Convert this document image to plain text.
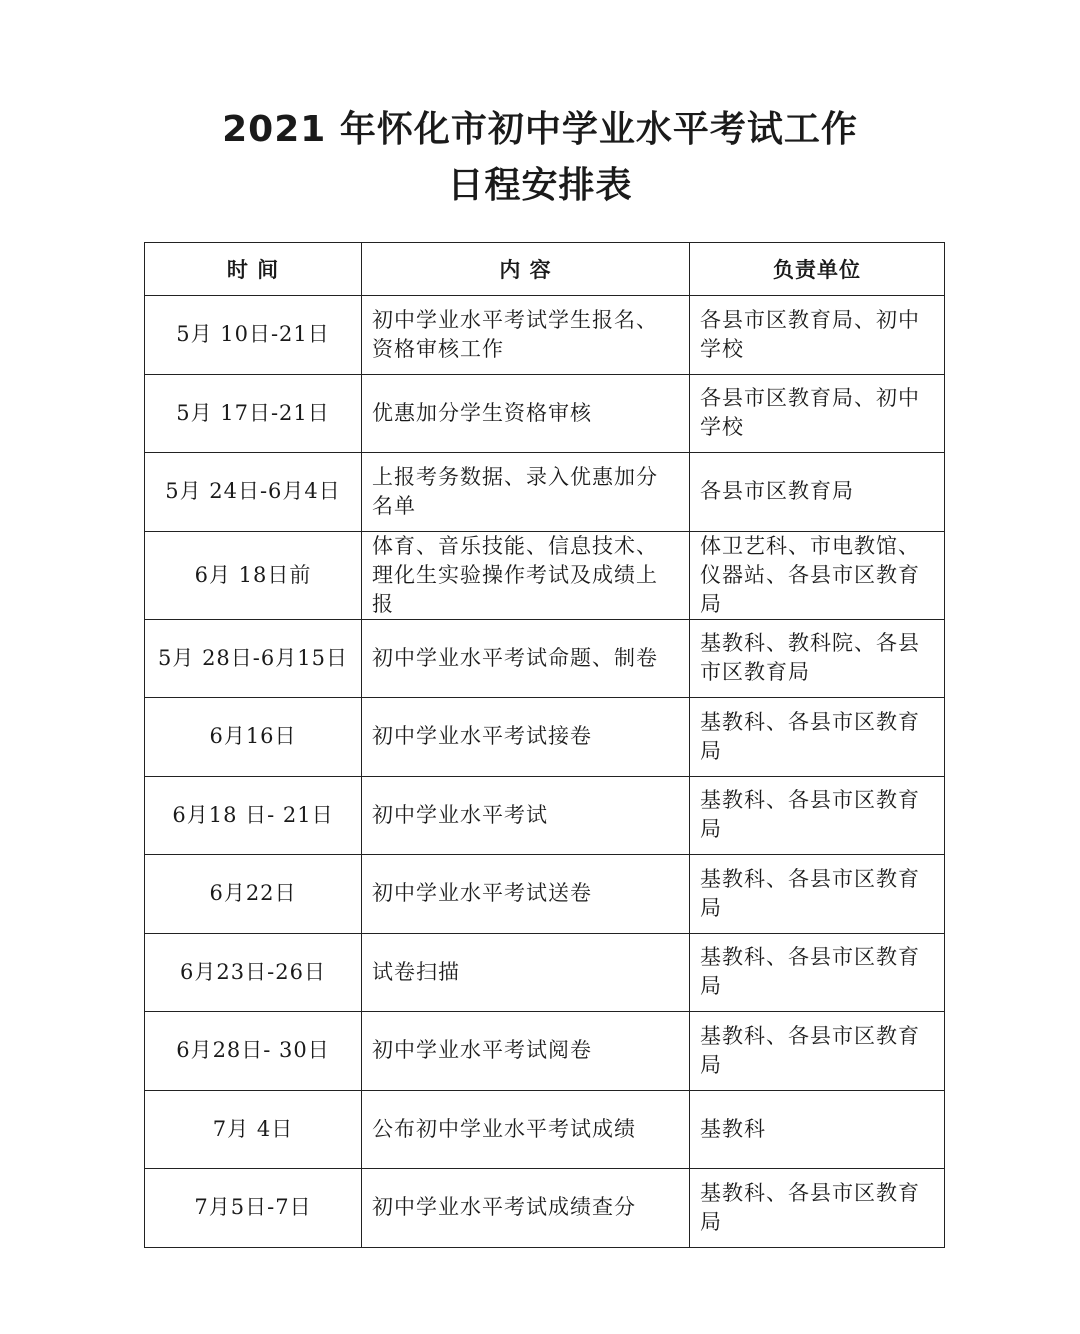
2021 年怀化市初中学业水平考试工作
日程安排表
时 间	内 容	负责单位
5月 10日-21日	初中学业水平考试学生报名、资格审核工作	各县市区教育局、初中学校
5月 17日-21日	优惠加分学生资格审核	各县市区教育局、初中学校
5月 24日-6月4日	上报考务数据、录入优惠加分名单	各县市区教育局
6月 18日前	体育、音乐技能、信息技术、理化生实验操作考试及成绩上报	体卫艺科、市电教馆、仪器站、各县市区教育局
5月 28日-6月15日	初中学业水平考试命题、制卷	基教科、教科院、各县市区教育局
6月16日	初中学业水平考试接卷	基教科、各县市区教育局
6月18 日- 21日	初中学业水平考试	基教科、各县市区教育局
6月22日	初中学业水平考试送卷	基教科、各县市区教育局
6月23日-26日	试卷扫描	基教科、各县市区教育局
6月28日- 30日	初中学业水平考试阅卷	基教科、各县市区教育局
7月 4日	公布初中学业水平考试成绩	基教科
7月5日-7日	初中学业水平考试成绩查分	基教科、各县市区教育局
